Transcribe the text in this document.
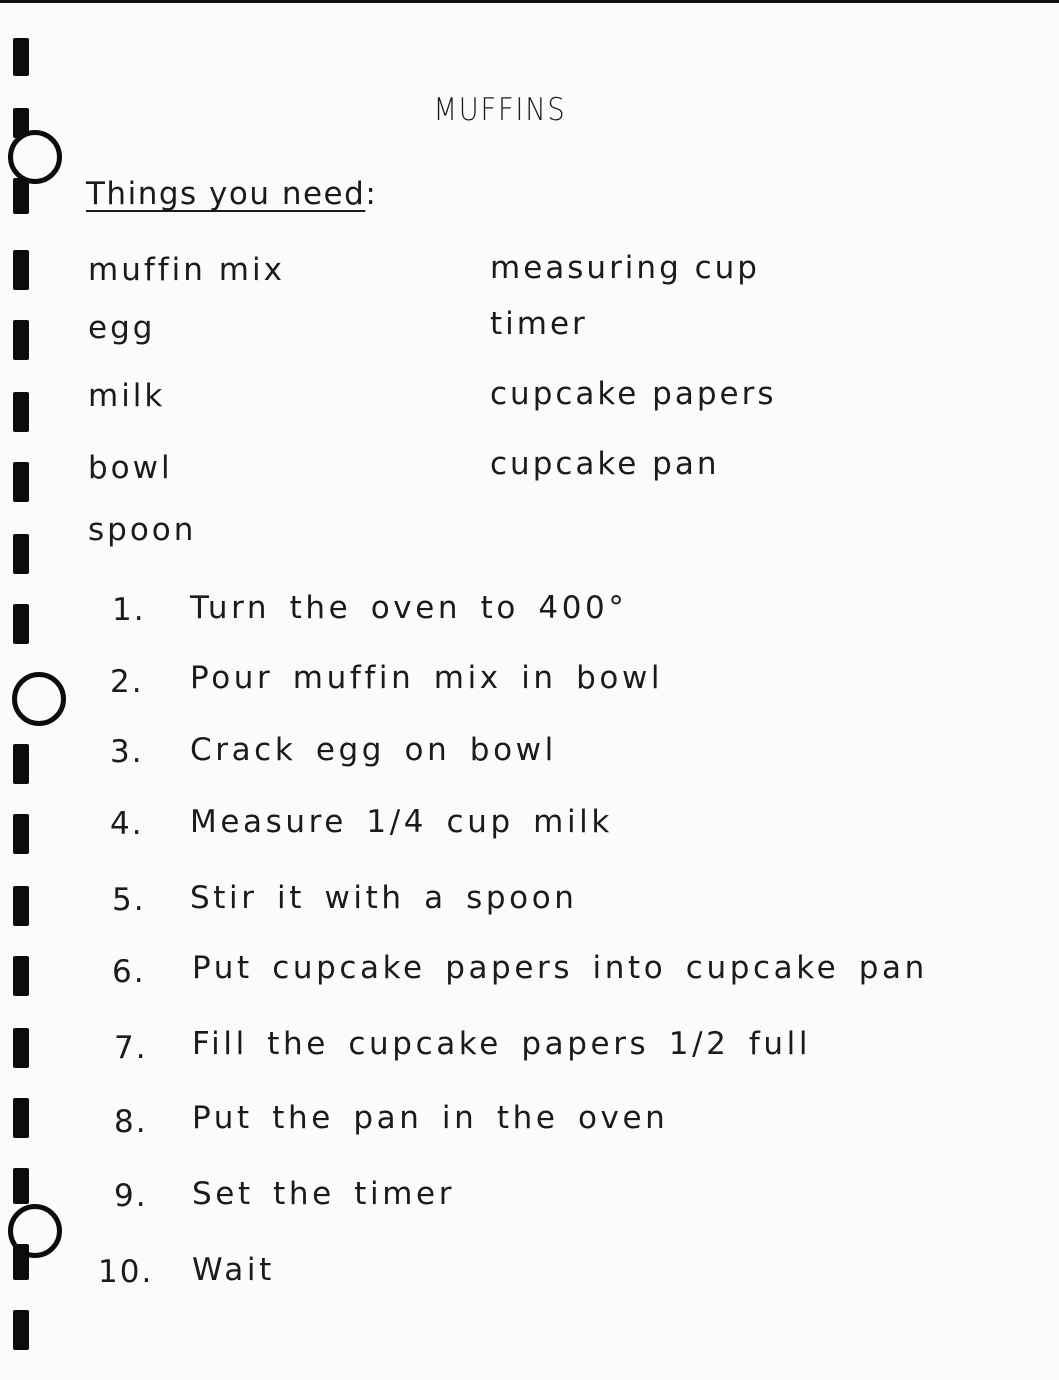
MUFFINS
Things you need:
muffin mix
egg
milk
bowl
spoon
measuring cup
timer
cupcake papers
cupcake pan
1. Turn the oven to 400°
2. Pour muffin mix in bowl
3. Crack egg on bowl
4. Measure 1/4 cup milk
5. Stir it with a spoon
6. Put cupcake papers into cupcake pan
7. Fill the cupcake papers 1/2 full
8. Put the pan in the oven
9. Set the timer
10. Wait
